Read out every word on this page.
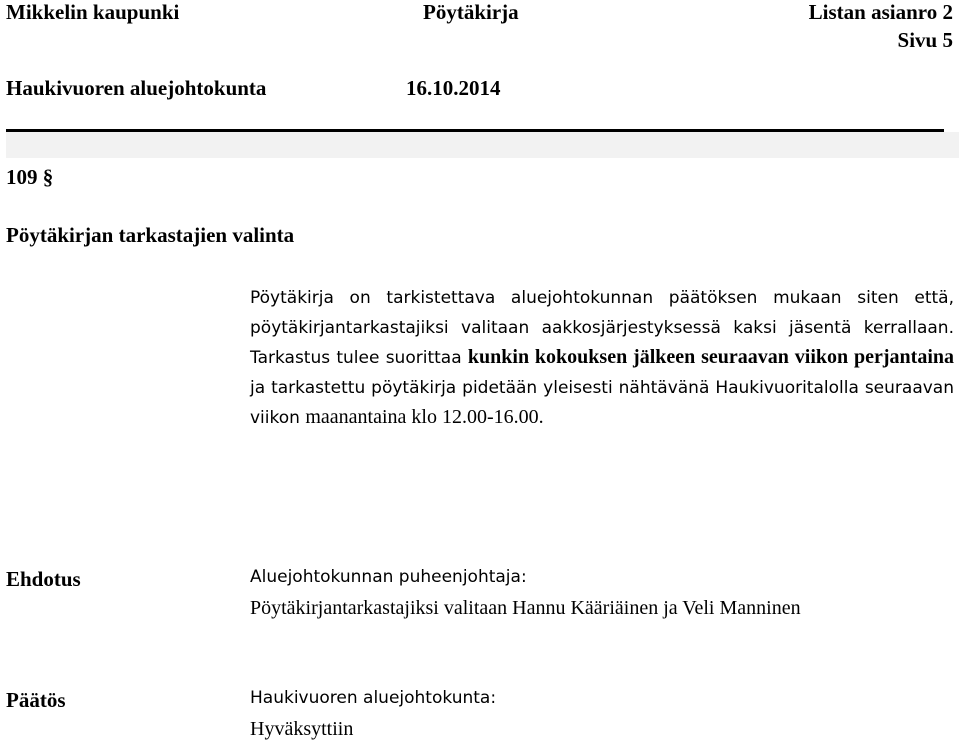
Mikkelin kaupunki	Pöytäkirja	Listan asianro 2
Sivu 5
Haukivuoren aluejohtokunta	16.10.2014
109 §
Pöytäkirjan tarkastajien valinta
Pöytäkirja on tarkistettava aluejohtokunnan päätöksen mukaan siten että, pöytäkirjantarkastajiksi valitaan aakkosjärjestyksessä kaksi jäsentä kerrallaan. Tarkastus tulee suorittaa kunkin kokouksen jälkeen seuraavan viikon perjantaina ja tarkastettu pöytäkirja pidetään yleisesti nähtävänä Haukivuoritalolla seuraavan viikon maanantaina klo 12.00-16.00.
Ehdotus	Aluejohtokunnan puheenjohtaja:
Pöytäkirjantarkastajiksi valitaan Hannu Kääriäinen ja Veli Manninen
Päätös	Haukivuoren aluejohtokunta:
Hyväksyttiin
